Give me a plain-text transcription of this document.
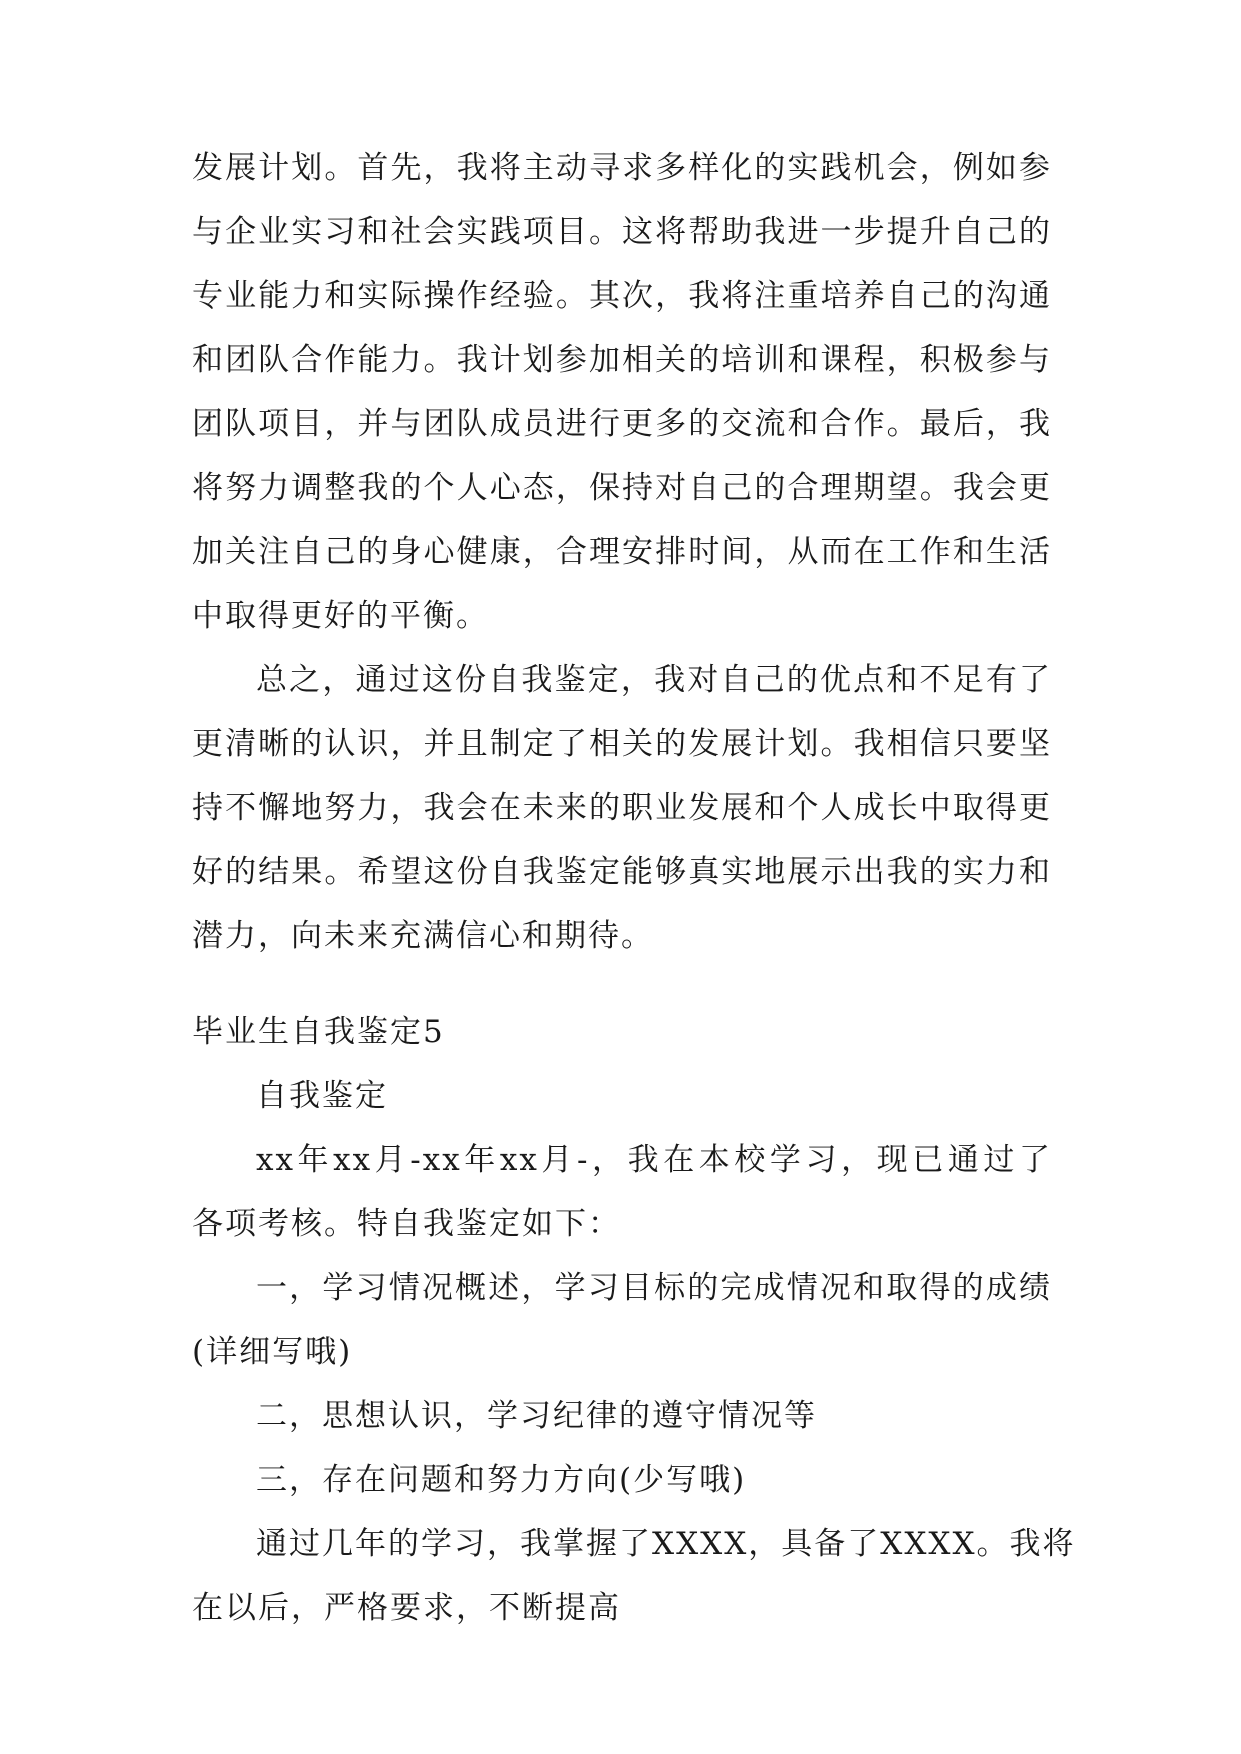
发展计划。首先，我将主动寻求多样化的实践机会，例如参
与企业实习和社会实践项目。这将帮助我进一步提升自己的
专业能力和实际操作经验。其次，我将注重培养自己的沟通
和团队合作能力。我计划参加相关的培训和课程，积极参与
团队项目，并与团队成员进行更多的交流和合作。最后，我
将努力调整我的个人心态，保持对自己的合理期望。我会更
加关注自己的身心健康，合理安排时间，从而在工作和生活
中取得更好的平衡。
总之，通过这份自我鉴定，我对自己的优点和不足有了
更清晰的认识，并且制定了相关的发展计划。我相信只要坚
持不懈地努力，我会在未来的职业发展和个人成长中取得更
好的结果。希望这份自我鉴定能够真实地展示出我的实力和
潜力，向未来充满信心和期待。
毕业生自我鉴定5
自我鉴定
xx年xx月-xx年xx月-，我在本校学习，现已通过了
各项考核。特自我鉴定如下：
一，学习情况概述，学习目标的完成情况和取得的成绩
(详细写哦)
二，思想认识，学习纪律的遵守情况等
三，存在问题和努力方向(少写哦)
通过几年的学习，我掌握了XXXX，具备了XXXX。我将
在以后，严格要求，不断提高
